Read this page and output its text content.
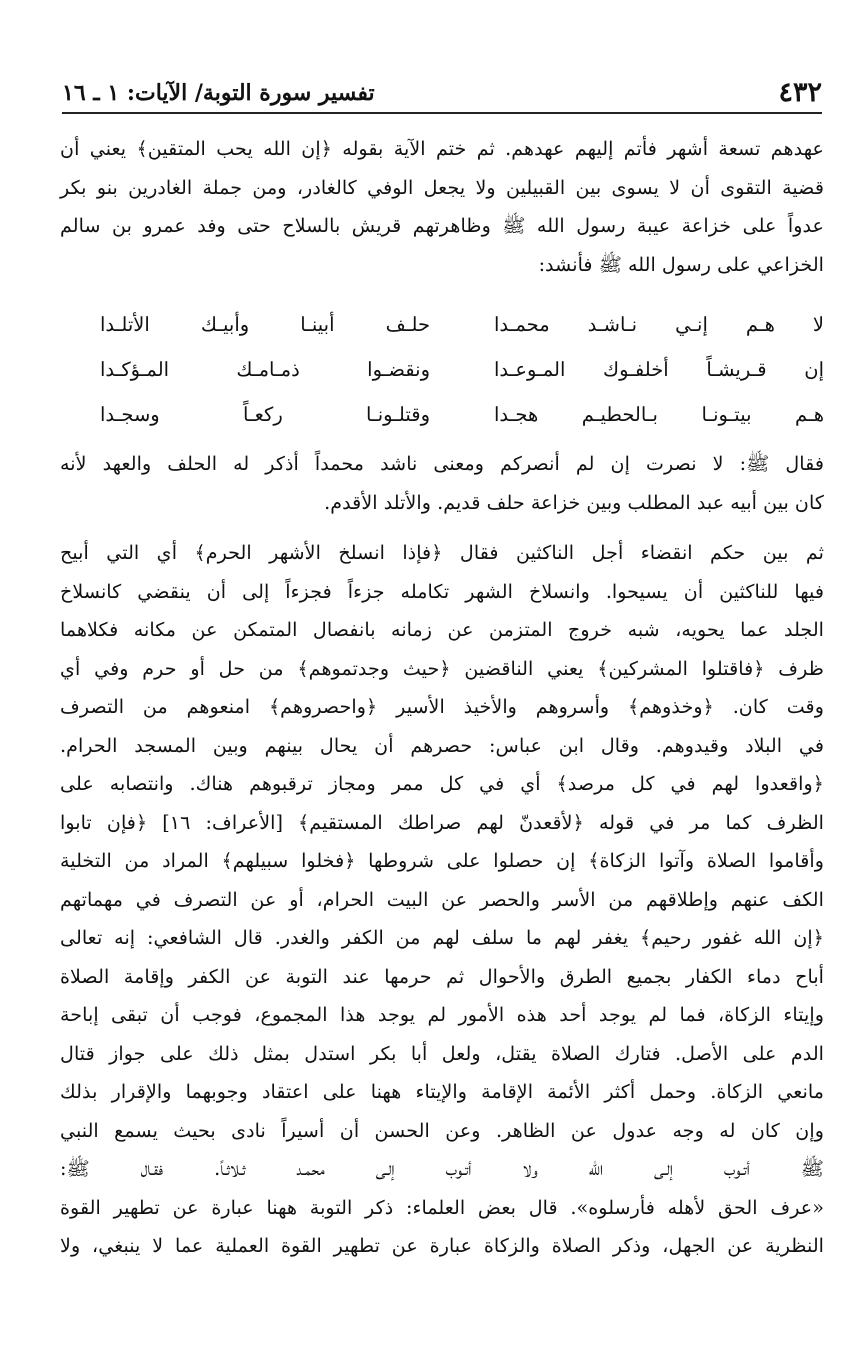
٤٣٢
تفسير سورة التوبة/ الآيات: ١ ـ ١٦

عهدهم تسعة أشهر فأتم إليهم عهدهم. ثم ختم الآية بقوله ﴿إن الله يحب المتقين﴾ يعني أن
قضية التقوى أن لا يسوى بين القبيلين ولا يجعل الوفي كالغادر، ومن جملة الغادرين بنو بكر
عدواً على خزاعة عيبة رسول الله ﷺ وظاهرتهم قريش بالسلاح حتى وفد عمرو بن سالم
الخزاعي على رسول الله ﷺ فأنشد:

لا هـم إنـي نـاشـد محمـدا
حلـف أبينـا وأبيـك الأتلـدا
إن قـريشـاً أخلفـوك المـوعـدا
ونقضـوا ذمـامـك المـؤكـدا
هـم بيتـونـا بـالحطيـم هجـدا
وقتلـونـا ركعـاً وسجـدا

فقال ﷺ: لا نصرت إن لم أنصركم ومعنى ناشد محمداً أذكر له الحلف والعهد لأنه
كان بين أبيه عبد المطلب وبين خزاعة حلف قديم. والأتلد الأقدم.

ثم بين حكم انقضاء أجل الناكثين فقال ﴿فإذا انسلخ الأشهر الحرم﴾ أي التي أبيح
فيها للناكثين أن يسيحوا. وانسلاخ الشهر تكامله جزءاً فجزءاً إلى أن ينقضي كانسلاخ
الجلد عما يحويه، شبه خروج المتزمن عن زمانه بانفصال المتمكن عن مكانه فكلاهما
ظرف ﴿فاقتلوا المشركين﴾ يعني الناقضين ﴿حيث وجدتموهم﴾ من حل أو حرم وفي أي
وقت كان. ﴿وخذوهم﴾ وأسروهم والأخيذ الأسير ﴿واحصروهم﴾ امنعوهم من التصرف
في البلاد وقيدوهم. وقال ابن عباس: حصرهم أن يحال بينهم وبين المسجد الحرام.
﴿واقعدوا لهم في كل مرصد﴾ أي في كل ممر ومجاز ترقبوهم هناك. وانتصابه على
الظرف كما مر في قوله ﴿لأقعدنّ لهم صراطك المستقيم﴾ [الأعراف: ١٦] ﴿فإن تابوا
وأقاموا الصلاة وآتوا الزكاة﴾ إن حصلوا على شروطها ﴿فخلوا سبيلهم﴾ المراد من التخلية
الكف عنهم وإطلاقهم من الأسر والحصر عن البيت الحرام، أو عن التصرف في مهماتهم
﴿إن الله غفور رحيم﴾ يغفر لهم ما سلف لهم من الكفر والغدر. قال الشافعي: إنه تعالى
أباح دماء الكفار بجميع الطرق والأحوال ثم حرمها عند التوبة عن الكفر وإقامة الصلاة
وإيتاء الزكاة، فما لم يوجد أحد هذه الأمور لم يوجد هذا المجموع، فوجب أن تبقى إباحة
الدم على الأصل. فتارك الصلاة يقتل، ولعل أبا بكر استدل بمثل ذلك على جواز قتال
مانعي الزكاة. وحمل أكثر الأئمة الإقامة والإيتاء ههنا على اعتقاد وجوبهما والإقرار بذلك
وإن كان له وجه عدول عن الظاهر. وعن الحسن أن أسيراً نادى بحيث يسمع النبي
ﷺ أتـوب إلـى الله ولا أتـوب إلـى محمـد ثـلاثـاً. فقـال ﷺ:
«عرف الحق لأهله فأرسلوه». قال بعض العلماء: ذكر التوبة ههنا عبارة عن تطهير القوة
النظرية عن الجهل، وذكر الصلاة والزكاة عبارة عن تطهير القوة العملية عما لا ينبغي، ولا
